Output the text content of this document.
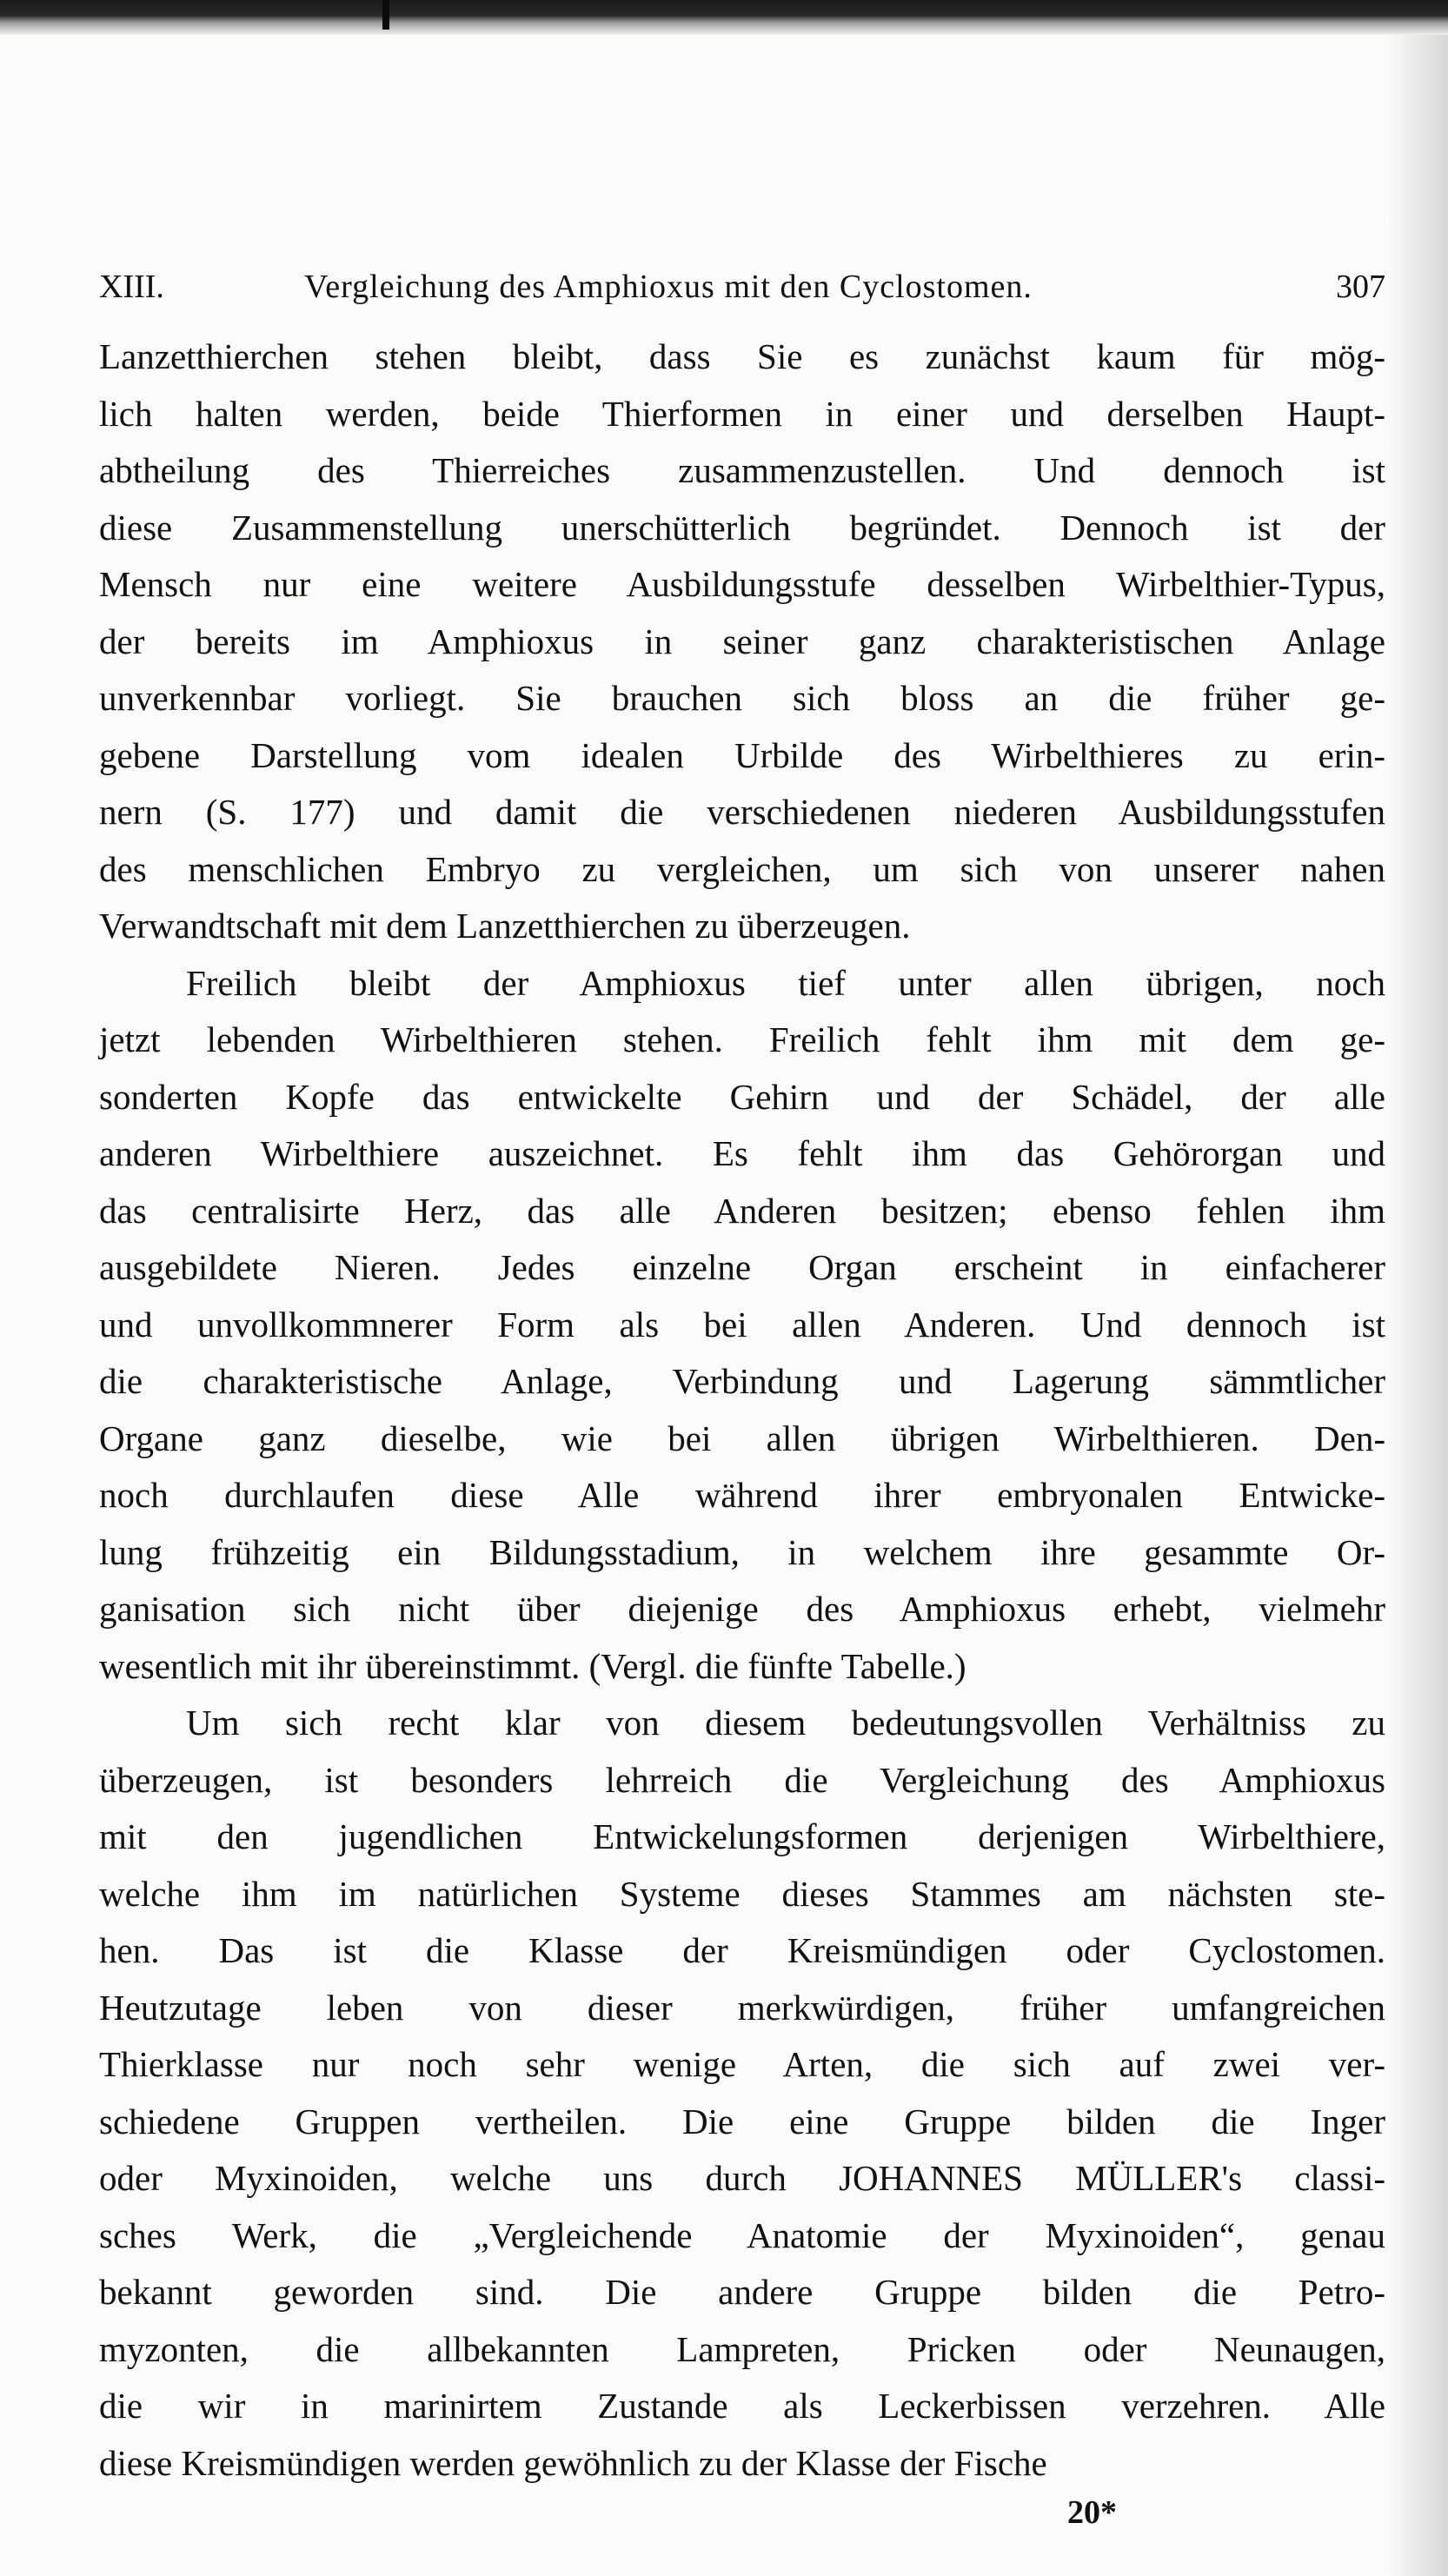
XIII.	Vergleichung des Amphioxus mit den Cyclostomen.	307

Lanzetthierchen stehen bleibt, dass Sie es zunächst kaum für mög-
lich halten werden, beide Thierformen in einer und derselben Haupt-
abtheilung des Thierreiches zusammenzustellen. Und dennoch ist
diese Zusammenstellung unerschütterlich begründet. Dennoch ist der
Mensch nur eine weitere Ausbildungsstufe desselben Wirbelthier-Typus,
der bereits im Amphioxus in seiner ganz charakteristischen Anlage
unverkennbar vorliegt. Sie brauchen sich bloss an die früher ge-
gebene Darstellung vom idealen Urbilde des Wirbelthieres zu erin-
nern (S. 177) und damit die verschiedenen niederen Ausbildungsstufen
des menschlichen Embryo zu vergleichen, um sich von unserer nahen
Verwandtschaft mit dem Lanzetthierchen zu überzeugen.

Freilich bleibt der Amphioxus tief unter allen übrigen, noch
jetzt lebenden Wirbelthieren stehen. Freilich fehlt ihm mit dem ge-
sonderten Kopfe das entwickelte Gehirn und der Schädel, der alle
anderen Wirbelthiere auszeichnet. Es fehlt ihm das Gehörorgan und
das centralisirte Herz, das alle Anderen besitzen; ebenso fehlen ihm
ausgebildete Nieren. Jedes einzelne Organ erscheint in einfacherer
und unvollkommnerer Form als bei allen Anderen. Und dennoch ist
die charakteristische Anlage, Verbindung und Lagerung sämmtlicher
Organe ganz dieselbe, wie bei allen übrigen Wirbelthieren. Den-
noch durchlaufen diese Alle während ihrer embryonalen Entwicke-
lung frühzeitig ein Bildungsstadium, in welchem ihre gesammte Or-
ganisation sich nicht über diejenige des Amphioxus erhebt, vielmehr
wesentlich mit ihr übereinstimmt. (Vergl. die fünfte Tabelle.)

Um sich recht klar von diesem bedeutungsvollen Verhältniss zu
überzeugen, ist besonders lehrreich die Vergleichung des Amphioxus
mit den jugendlichen Entwickelungsformen derjenigen Wirbelthiere,
welche ihm im natürlichen Systeme dieses Stammes am nächsten ste-
hen. Das ist die Klasse der Kreismündigen oder Cyclostomen.
Heutzutage leben von dieser merkwürdigen, früher umfangreichen
Thierklasse nur noch sehr wenige Arten, die sich auf zwei ver-
schiedene Gruppen vertheilen. Die eine Gruppe bilden die Inger
oder Myxinoiden, welche uns durch JOHANNES MÜLLER's classi-
sches Werk, die „Vergleichende Anatomie der Myxinoiden“, genau
bekannt geworden sind. Die andere Gruppe bilden die Petro-
myzonten, die allbekannten Lampreten, Pricken oder Neunaugen,
die wir in marinirtem Zustande als Leckerbissen verzehren. Alle
diese Kreismündigen werden gewöhnlich zu der Klasse der Fische

20*
